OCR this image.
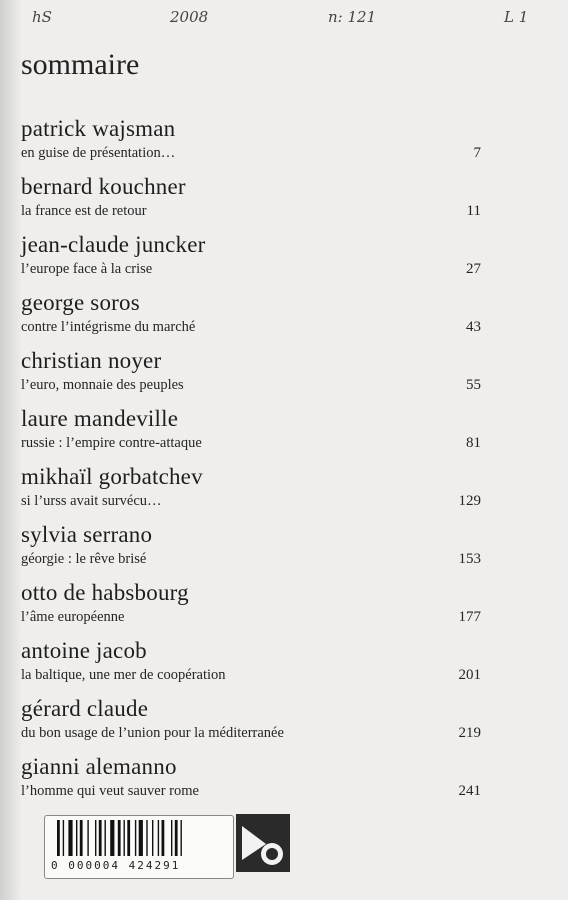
hS	2008	n: 121	L 1
sommaire
patrick wajsman
en guise de présentation…	7
bernard kouchner
la france est de retour	11
jean-claude juncker
l’europe face à la crise	27
george soros
contre l’intégrisme du marché	43
christian noyer
l’euro, monnaie des peuples	55
laure mandeville
russie : l’empire contre-attaque	81
mikhaïl gorbatchev
si l’urss avait survécu…	129
sylvia serrano
géorgie : le rêve brisé	153
otto de habsbourg
l’âme européenne	177
antoine jacob
la baltique, une mer de coopération	201
gérard claude
du bon usage de l’union pour la méditerranée	219
gianni alemanno
l’homme qui veut sauver rome	241
0 000004 424291
